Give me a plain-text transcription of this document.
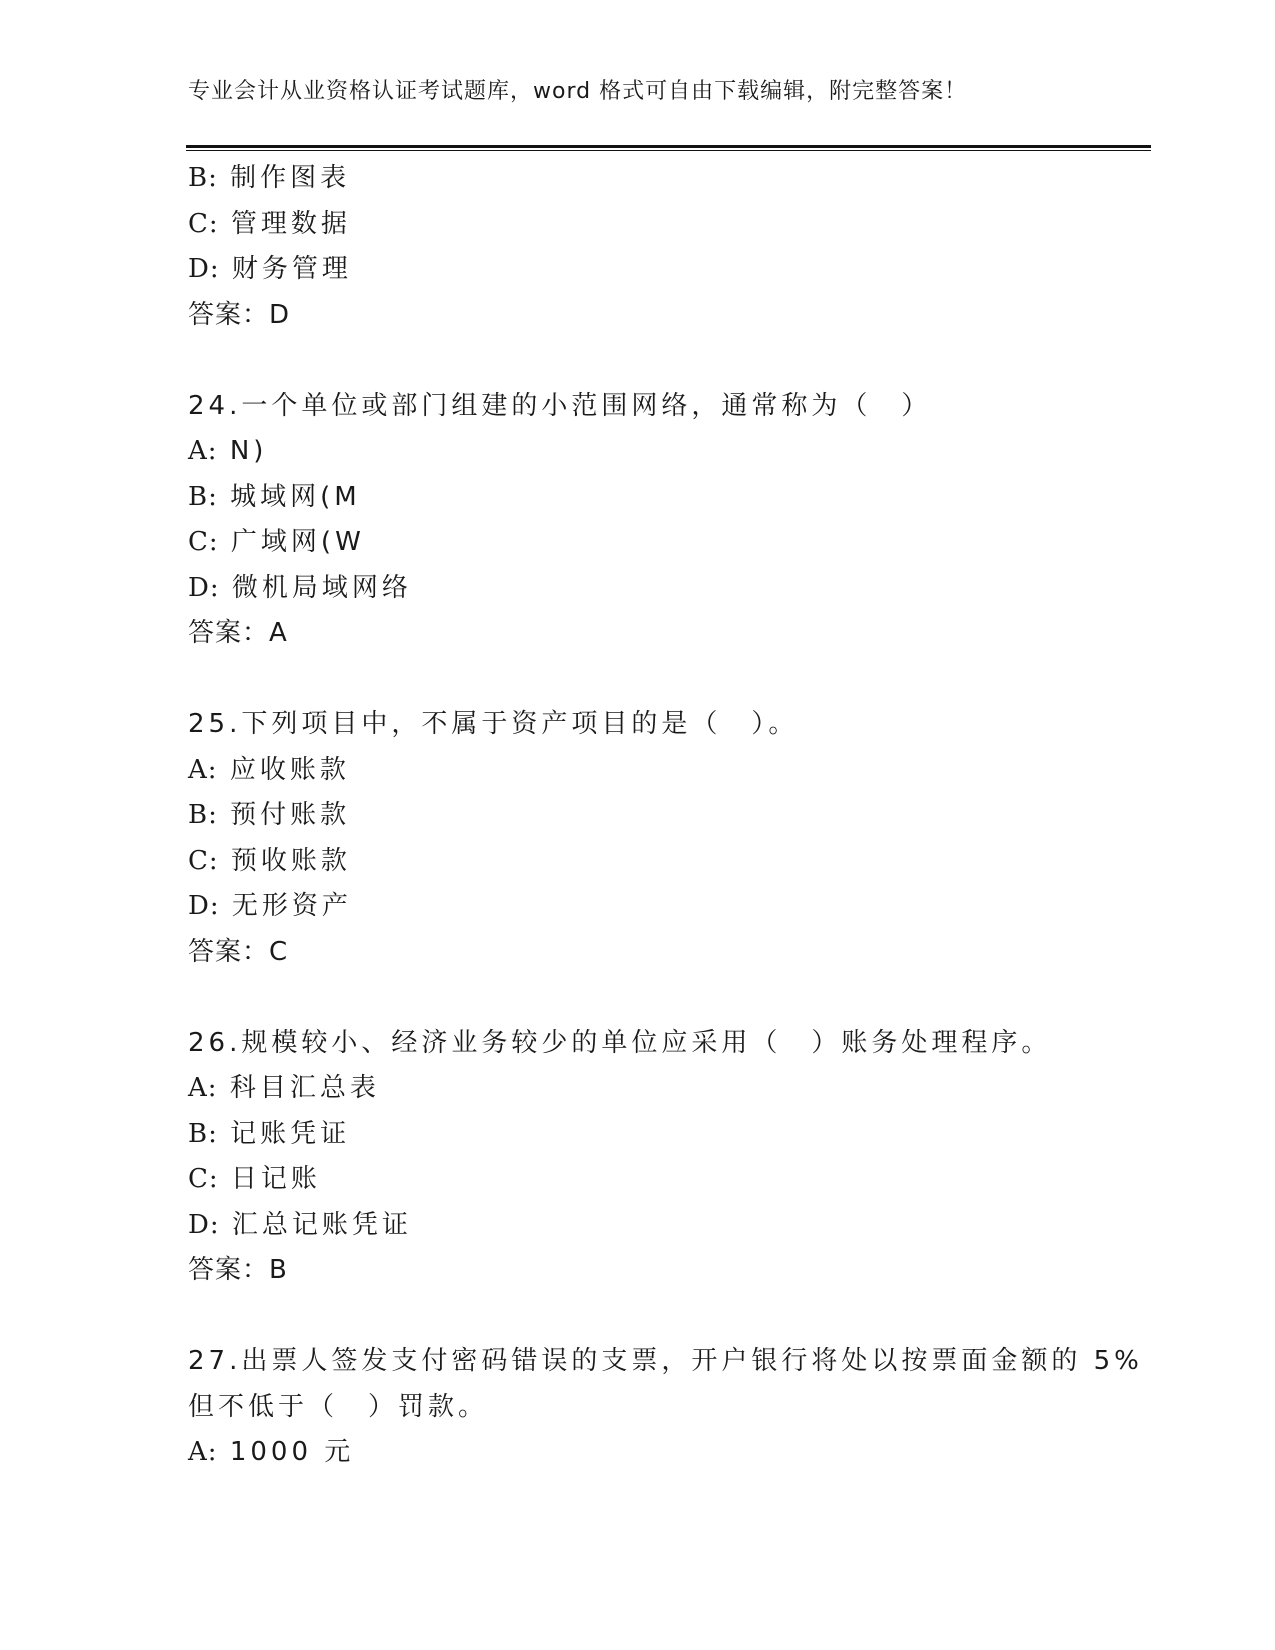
专业会计从业资格认证考试题库，word 格式可自由下载编辑，附完整答案！
B: 制作图表
C: 管理数据
D: 财务管理
答案：D
24.一个单位或部门组建的小范围网络，通常称为（　）
A: N)
B: 城域网(M
C: 广域网(W
D: 微机局域网络
答案：A
25.下列项目中，不属于资产项目的是（　）。
A: 应收账款
B: 预付账款
C: 预收账款
D: 无形资产
答案：C
26.规模较小、经济业务较少的单位应采用（　）账务处理程序。
A: 科目汇总表
B: 记账凭证
C: 日记账
D: 汇总记账凭证
答案：B
27.出票人签发支付密码错误的支票，开户银行将处以按票面金额的 5%
但不低于（　）罚款。
A: 1000 元
